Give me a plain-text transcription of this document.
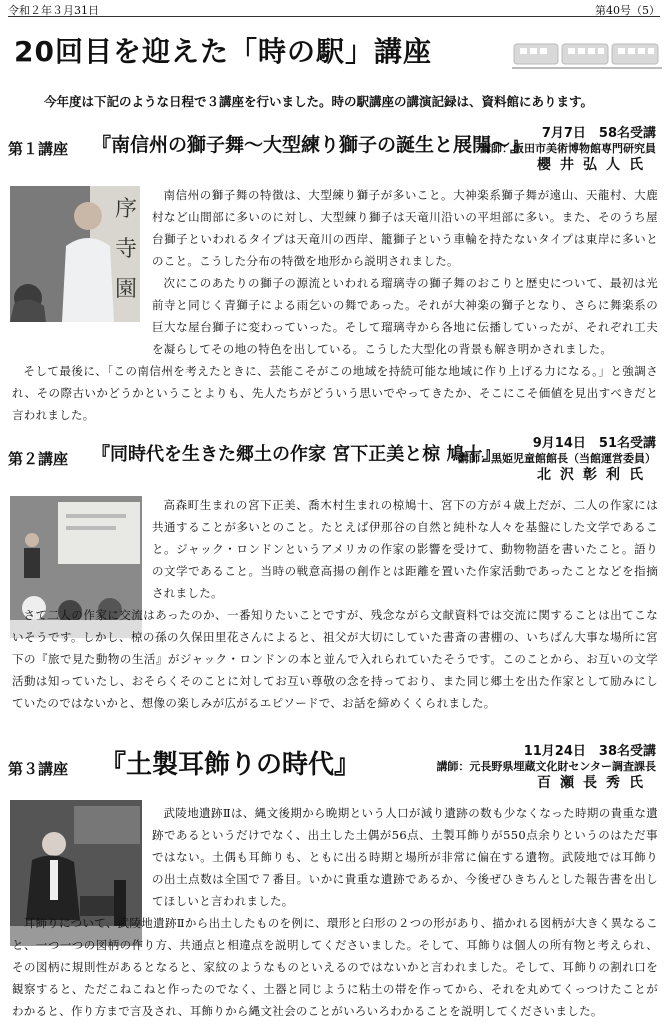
令和２年３月31日	第40号（5）
20回目を迎えた「時の駅」講座
今年度は下記のような日程で３講座を行いました。時の駅講座の講演記録は、資料館にあります。
第１講座 『南信州の獅子舞～大型練り獅子の誕生と展開～』
7月7日　58名受講
講師：飯田市美術博物館専門研究員
櫻井弘人氏
序
寺
園

南信州の獅子舞の特徴は、大型練り獅子が多いこと。大神楽系獅子舞が遠山、天龍村、大鹿村など山間部に多いのに対し、大型練り獅子は天竜川沿いの平坦部に多い。また、そのうち屋台獅子といわれるタイプは天竜川の西岸、籠獅子という車輪を持たないタイプは東岸に多いとのこと。こうした分布の特徴を地形から説明されました。

次にこのあたりの獅子の源流といわれる瑠璃寺の獅子舞のおこりと歴史について、最初は光前寺と同じく青獅子による雨乞いの舞であった。それが大神楽の獅子となり、さらに舞楽系の巨大な屋台獅子に変わっていった。そして瑠璃寺から各地に伝播していったが、それぞれ工夫を凝らしてその地の特色を出している。こうした大型化の背景も解き明かされました。

そして最後に、「この南信州を考えたときに、芸能こそがこの地域を持続可能な地域に作り上げる力になる。」と強調され、その際古いかどうかということよりも、先人たちがどういう思いでやってきたか、そこにこそ価値を見出すべきだと言われました。

第２講座 『同時代を生きた郷土の作家 宮下正美と椋 鳩十』
9月14日　51名受講
講師：黒姫児童館館長（当館運営委員）
北沢彰利氏

高森町生まれの宮下正美、喬木村生まれの椋鳩十、宮下の方が４歳上だが、二人の作家には共通することが多いとのこと。たとえば伊那谷の自然と純朴な人々を基盤にした文学であること。ジャック・ロンドンというアメリカの作家の影響を受けて、動物物語を書いたこと。語りの文学であること。当時の戦意高揚の創作とは距離を置いた作家活動であったことなどを指摘されました。

さて二人の作家に交流はあったのか、一番知りたいことですが、残念ながら文献資料では交流に関することは出てこないそうです。しかし、椋の孫の久保田里花さんによると、祖父が大切にしていた書斎の書棚の、いちばん大事な場所に宮下の『旅で見た動物の生活』がジャック・ロンドンの本と並んで入れられていたそうです。このことから、お互いの文学活動は知っていたし、おそらくそのことに対してお互い尊敬の念を持っており、また同じ郷土を出た作家として励みにしていたのではないかと、想像の楽しみが広がるエピソードで、お話を締めくくられました。

第３講座 『土製耳飾りの時代』	11月24日　38名受講
講師：元長野県埋蔵文化財センター調査課長
百瀬長秀氏

武陵地遺跡Ⅱは、縄文後期から晩期という人口が減り遺跡の数も少なくなった時期の貴重な遺跡であるというだけでなく、出土した土偶が56点、土製耳飾りが550点余りというのはただ事ではない。土偶も耳飾りも、ともに出る時期と場所が非常に偏在する遺物。武陵地では耳飾りの出土点数は全国で７番目。いかに貴重な遺跡であるか、今後ぜひきちんとした報告書を出してほしいと言われました。

耳飾りについて、武陵地遺跡Ⅱから出土したものを例に、環形と臼形の２つの形があり、描かれる図柄が大きく異なること、一つ一つの図柄の作り方、共通点と相違点を説明してくださいました。そして、耳飾りは個人の所有物と考えられ、その図柄に規則性があるとなると、家紋のようなものといえるのではないかと言われました。そして、耳飾りの割れ口を観察すると、ただこねこねと作ったのでなく、土器と同じように粘土の帯を作ってから、それを丸めてくっつけたことがわかると、作り方まで言及され、耳飾りから縄文社会のことがいろいろわかることを説明してくださいました。
